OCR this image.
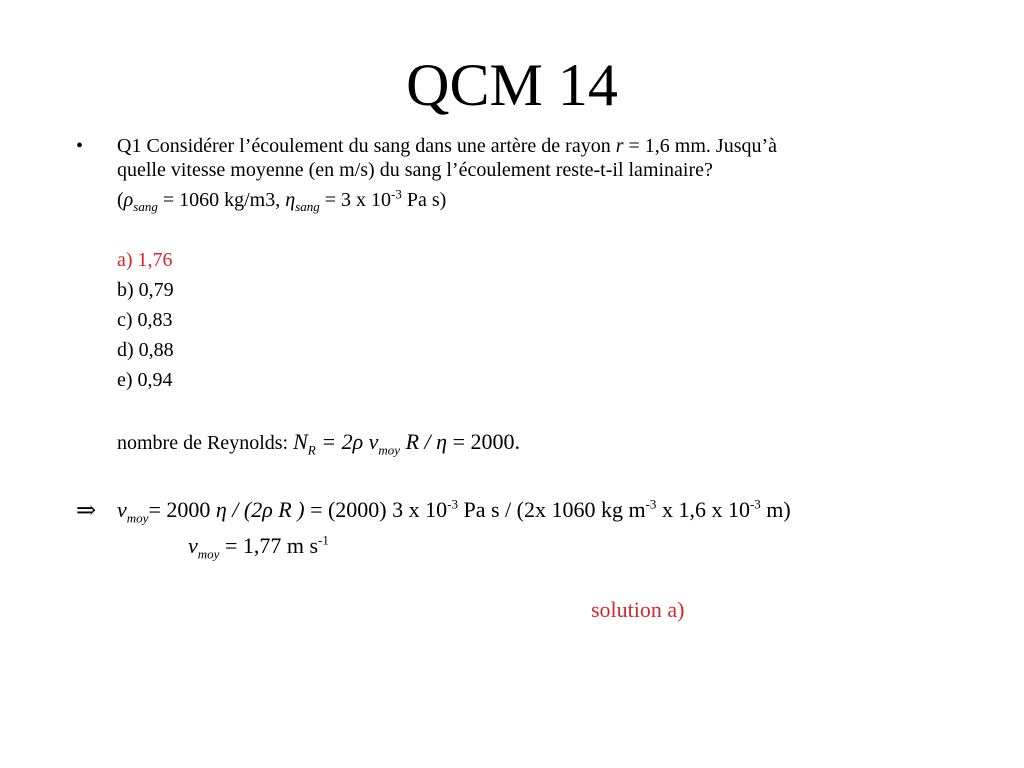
QCM 14
• Q1 Considérer l’écoulement du sang dans une artère de rayon r = 1,6 mm. Jusqu’à
quelle vitesse moyenne (en m/s) du sang l’écoulement reste-t-il laminaire?
($\rho_{sang} = 1060$ kg/m3, $\eta_{sang} = 3$ x $10^{-3}$ Pa s)
a) 1,76
b) 0,79
c) 0,83
d) 0,88
e) 0,94
nombre de Reynolds: $N_R = 2\rho$ $v_{moy}$ R / η = 2000.
⇒ $v_{moy}= 2000$ η / (2ρ R ) = (2000) 3 x $10^{-3}$ Pa s / (2x 1060 kg $m^{-3}$ x 1,6 x $10^{-3}$ m)
$v_{moy} = 1,77$ m $s^{-1}$
solution a)
